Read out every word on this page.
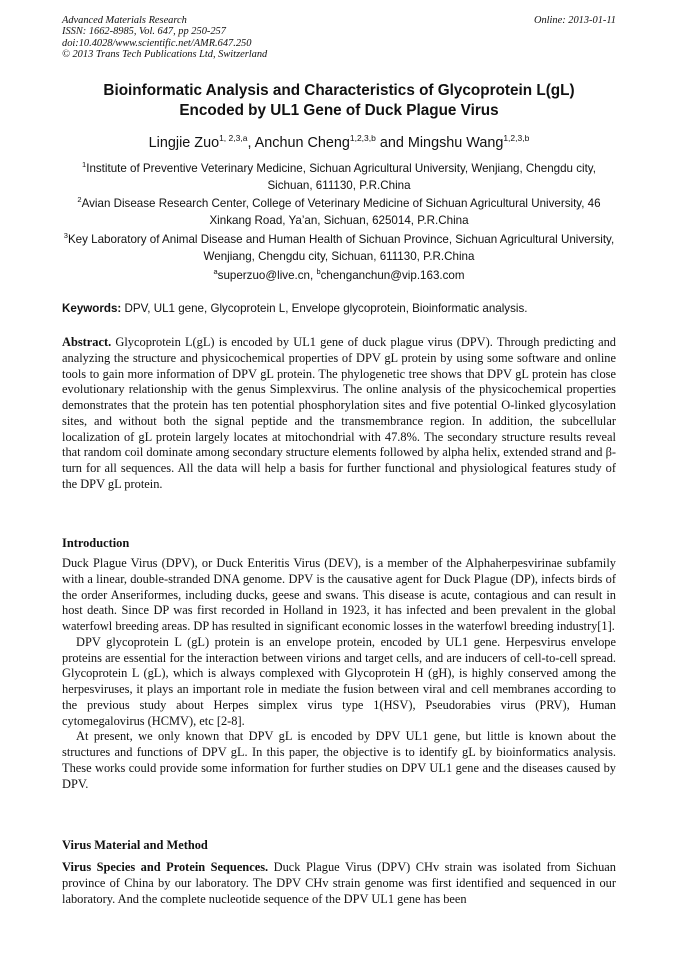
Advanced Materials Research
ISSN: 1662-8985, Vol. 647, pp 250-257
doi:10.4028/www.scientific.net/AMR.647.250
© 2013 Trans Tech Publications Ltd, Switzerland
Online: 2013-01-11
Bioinformatic Analysis and Characteristics of Glycoprotein L(gL)
Encoded by UL1 Gene of Duck Plague Virus
Lingjie Zuo$^{1, 2,3,a}$, Anchun Cheng$^{1,2,3,b}$ and Mingshu Wang$^{1,2,3,b}$
$^1$Institute of Preventive Veterinary Medicine, Sichuan Agricultural University, Wenjiang, Chengdu city, Sichuan, 611130, P.R.China
$^2$Avian Disease Research Center, College of Veterinary Medicine of Sichuan Agricultural University, 46 Xinkang Road, Ya’an, Sichuan, 625014, P.R.China
$^3$Key Laboratory of Animal Disease and Human Health of Sichuan Province, Sichuan Agricultural University, Wenjiang, Chengdu city, Sichuan, 611130, P.R.China
$^a$superzuo@live.cn, $^b$chenganchun@vip.163.com
Keywords: DPV, UL1 gene, Glycoprotein L, Envelope glycoprotein, Bioinformatic analysis.

Abstract. Glycoprotein L(gL) is encoded by UL1 gene of duck plague virus (DPV). Through predicting and analyzing the structure and physicochemical properties of DPV gL protein by using some software and online tools to gain more information of DPV gL protein. The phylogenetic tree shows that DPV gL protein has close evolutionary relationship with the genus Simplexvirus. The online analysis of the physicochemical properties demonstrates that the protein has ten potential phosphorylation sites and five potential O-linked glycosylation sites, and without both the signal peptide and the transmembrance region. In addition, the subcellular localization of gL protein largely locates at mitochondrial with 47.8%. The secondary structure results reveal that random coil dominate among secondary structure elements followed by alpha helix, extended strand and β-turn for all sequences. All the data will help a basis for further functional and physiological features study of the DPV gL protein.

Introduction

Duck Plague Virus (DPV), or Duck Enteritis Virus (DEV), is a member of the Alphaherpesvirinae subfamily with a linear, double-stranded DNA genome. DPV is the causative agent for Duck Plague (DP), infects birds of the order Anseriformes, including ducks, geese and swans. This disease is acute, contagious and can result in host death. Since DP was first recorded in Holland in 1923, it has infected and been prevalent in the global waterfowl breeding areas. DP has resulted in significant economic losses in the waterfowl breeding industry[1].

DPV glycoprotein L (gL) protein is an envelope protein, encoded by UL1 gene. Herpesvirus envelope proteins are essential for the interaction between virions and target cells, and are inducers of cell-to-cell spread. Glycoprotein L (gL), which is always complexed with Glycoprotein H (gH), is highly conserved among the herpesviruses, it plays an important role in mediate the fusion between viral and cell membranes according to the previous study about Herpes simplex virus type 1(HSV), Pseudorabies virus (PRV), Human cytomegalovirus (HCMV), etc [2-8].

At present, we only known that DPV gL is encoded by DPV UL1 gene, but little is known about the structures and functions of DPV gL. In this paper, the objective is to identify gL by bioinformatics analysis. These works could provide some information for further studies on DPV UL1 gene and the diseases caused by DPV.

Virus Material and Method

Virus Species and Protein Sequences. Duck Plague Virus (DPV) CHv strain was isolated from Sichuan province of China by our laboratory. The DPV CHv strain genome was first identified and sequenced in our laboratory. And the complete nucleotide sequence of the DPV UL1 gene has been
